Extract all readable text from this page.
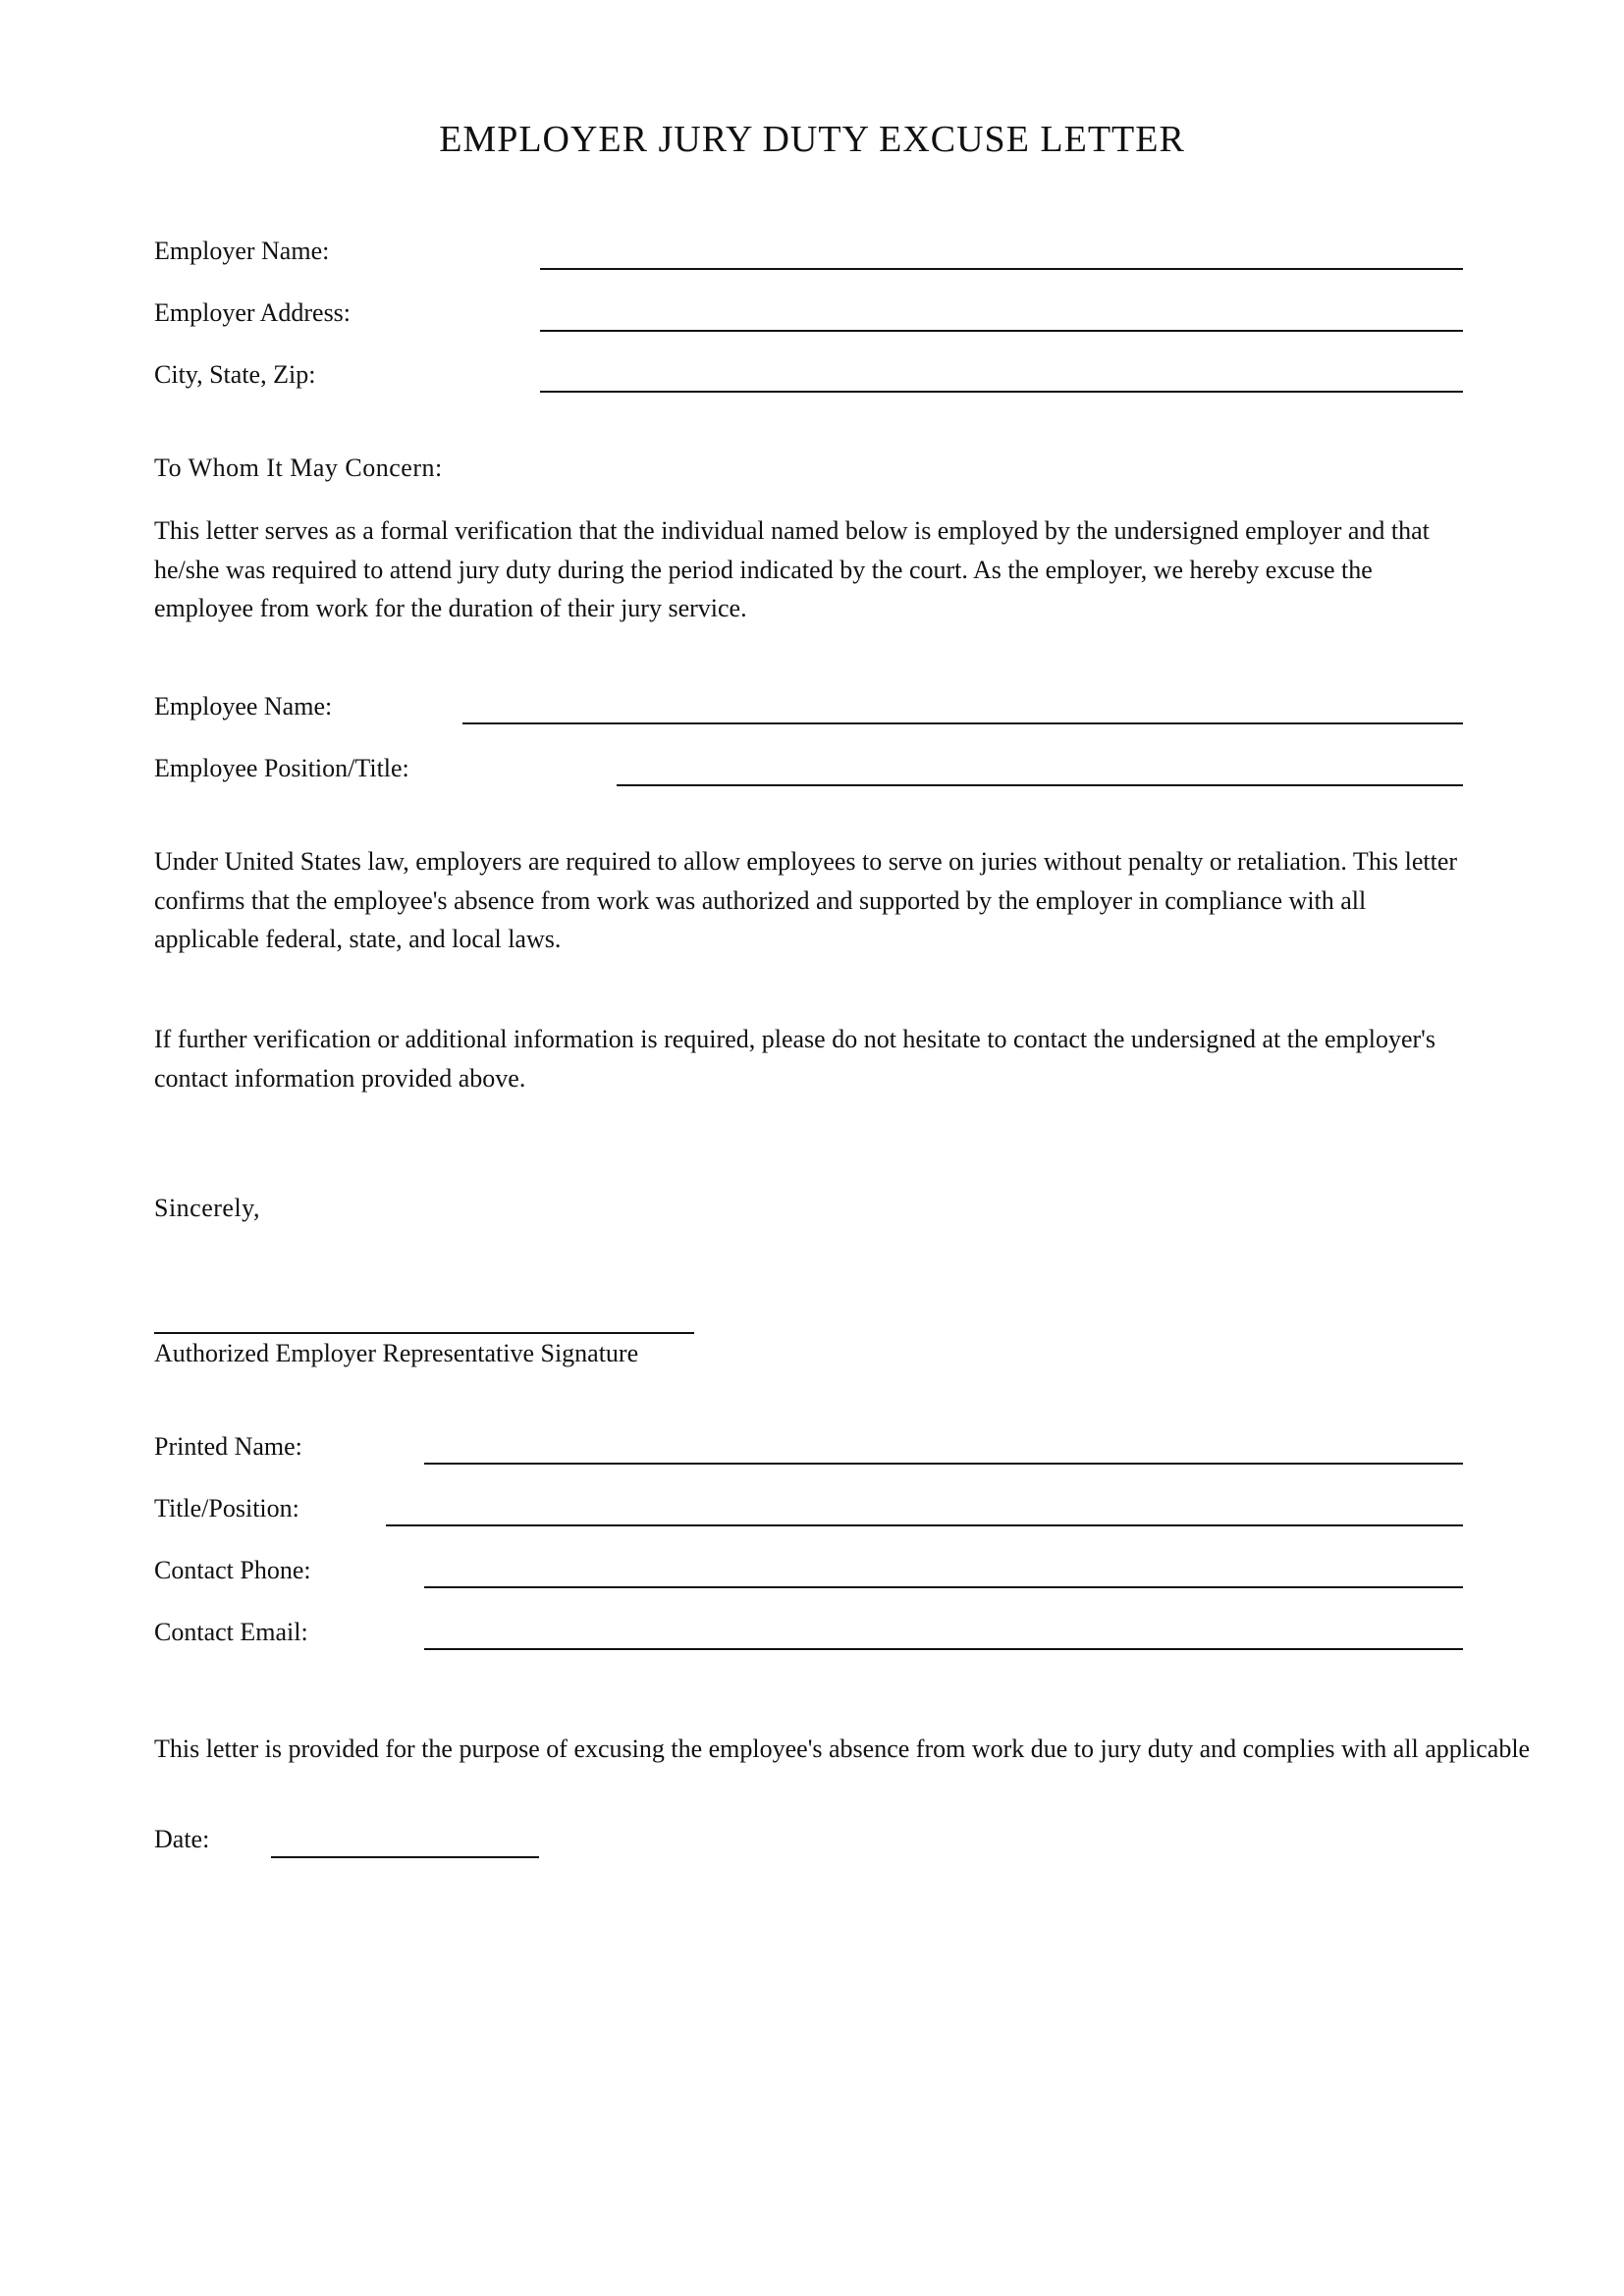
EMPLOYER JURY DUTY EXCUSE LETTER
Employer Name:
Employer Address:
City, State, Zip:
To Whom It May Concern:

This letter serves as a formal verification that the individual named below is employed by the undersigned employer and that he/she was required to attend jury duty during the period indicated by the court. As the employer, we hereby excuse the employee from work for the duration of their jury service.

Employee Name:
Employee Position/Title:

Under United States law, employers are required to allow employees to serve on juries without penalty or retaliation. This letter confirms that the employee's absence from work was authorized and supported by the employer in compliance with all applicable federal, state, and local laws.

If further verification or additional information is required, please do not hesitate to contact the undersigned at the employer's contact information provided above.

Sincerely,
Authorized Employer Representative Signature
Printed Name:
Title/Position:
Contact Phone:
Contact Email:

This letter is provided for the purpose of excusing the employee's absence from work due to jury duty and complies with all applicable

Date:
